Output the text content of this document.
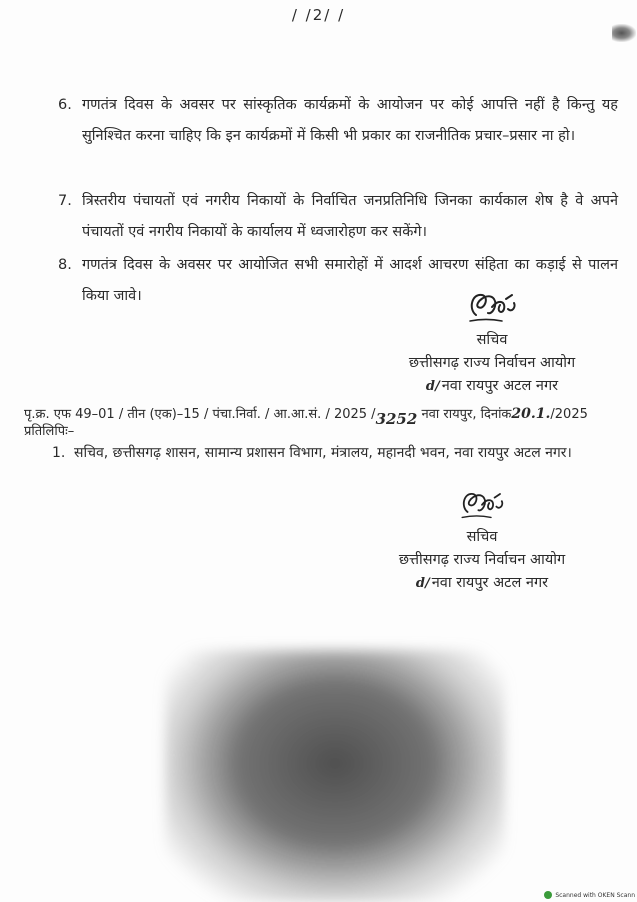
/ /2/ /
6. गणतंत्र दिवस के अवसर पर सांस्कृतिक कार्यक्रमों के आयोजन पर कोई आपत्ति नहीं है किन्तु यह सुनिश्चित करना चाहिए कि इन कार्यक्रमों में किसी भी प्रकार का राजनीतिक प्रचार–प्रसार ना हो।
7. त्रिस्तरीय पंचायतों एवं नगरीय निकायों के निर्वाचित जनप्रतिनिधि जिनका कार्यकाल शेष है वे अपने पंचायतों एवं नगरीय निकायों के कार्यालय में ध्वजारोहण कर सकेंगे।
8. गणतंत्र दिवस के अवसर पर आयोजित सभी समारोहों में आदर्श आचरण संहिता का कड़ाई से पालन किया जावे।
सचिव
छत्तीसगढ़ राज्य निर्वाचन आयोग
d/ नवा रायपुर अटल नगर
पृ.क्र. एफ 49–01 / तीन (एक)–15 / पंचा.निर्वा. / आ.आ.सं. / 2025 /3252 नवा रायपुर, दिनांक20.1./2025
प्रतिलिपिः–
1. सचिव, छत्तीसगढ़ शासन, सामान्य प्रशासन विभाग, मंत्रालय, महानदी भवन, नवा रायपुर अटल नगर।
सचिव
छत्तीसगढ़ राज्य निर्वाचन आयोग
d/ नवा रायपुर अटल नगर
Scanned with OKEN Scann
